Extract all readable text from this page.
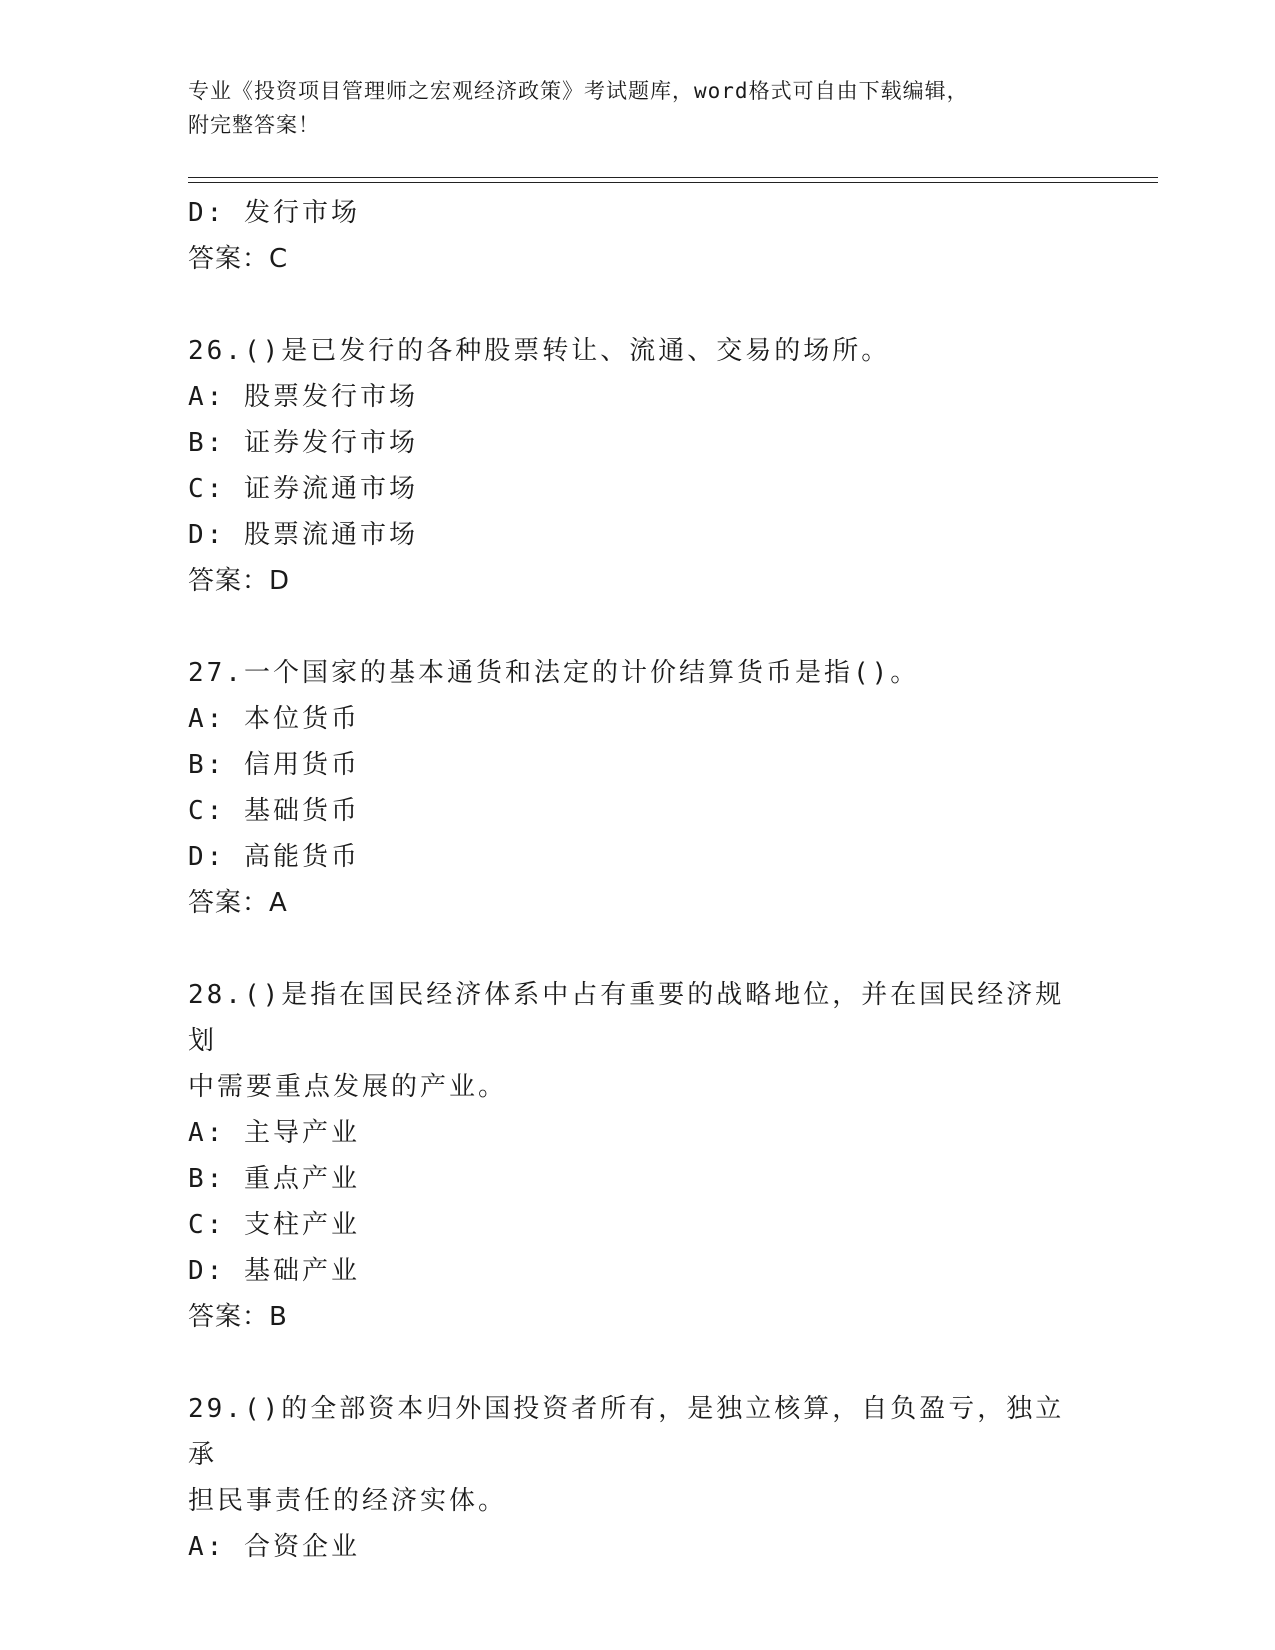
专业《投资项目管理师之宏观经济政策》考试题库，word格式可自由下载编辑，
附完整答案！
D: 发行市场
答案：C
26.()是已发行的各种股票转让、流通、交易的场所。
A: 股票发行市场
B: 证券发行市场
C: 证券流通市场
D: 股票流通市场
答案：D
27.一个国家的基本通货和法定的计价结算货币是指()。
A: 本位货币
B: 信用货币
C: 基础货币
D: 高能货币
答案：A
28.()是指在国民经济体系中占有重要的战略地位，并在国民经济规划
中需要重点发展的产业。
A: 主导产业
B: 重点产业
C: 支柱产业
D: 基础产业
答案：B
29.()的全部资本归外国投资者所有，是独立核算，自负盈亏，独立承
担民事责任的经济实体。
A: 合资企业
